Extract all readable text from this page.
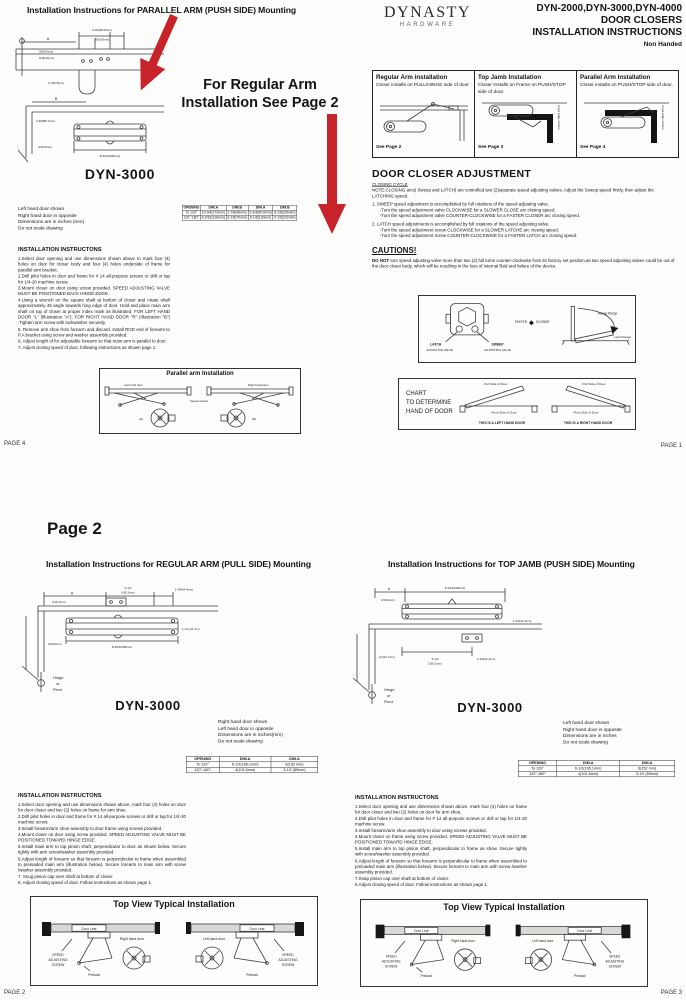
Installation Instructions for PARALLEL ARM (PUSH SIDE) Mounting
A
2-3/4(69.8mm)
2(50.8mm)
3/8(9.5mm)
9/16(14mm)
3-1/8(79mm)
B
3-3/8(85.7mm)
3/4(19mm)
8-3/16(208mm)
For Regular Arm
Installation See Page 2
DYN-3000
Left hand door shown
Right hand door in opposite
Dimensions are in inches (mm)
Do not scale drawing
OPENING	DIM.A	DIM.B	DIM.A	DIM.B
To 120°	10-3/4(273mm)	1-7/8(48mm)	2-3/4(69.8mm)	8-1/8(206mm)
120°-180°	8-9/16(218mm)	3-1/8(79mm)	5-1/8(130mm)	9-1/8(232mm)
INSTALLATION INSTRUCTONS
1.Select door opening and use dimensions shown above to mark four (4) holes on door for closer body and four (4) holes underside of frame for parallel arm bracket.
2.Drill pilot holes in door and frame for # 14 all-purpose screws or drill or tap for 1/4-20 machine screw.
3.Mount closer on door using screw provided. SPEED ADJUSTING VALVE MUST BE POSITIONED BACK HINGE EDGE.
4.Using a wrench on the square shaft at bottom of closer and rotate shaft approximately 45 angle towards hing edge of door. Hold and place main arm shaft on top of closer at proper index mark as illustrated. FOR LEFT HAND DOOR "L" (Illustration "A"). FOR RIGHT HAND DOOR "R" (Illustration "B") .Tighten arm screw with lockwasher securely.
5. Remove arm shoe from forearm and discard. Install ROD end of forearm to P.A bracket using screw and washer assembly provided.
6. Adjust length of for adjustable forearm so that main arm is parallel to door.
7. Adjust closing speed of door, following instructions as shown page 1.
Parallel arm Installation
Left hand door	Right hand door
Speed screws
(A)	(B)
PAGE 4
DYNASTY
HARDWARE
DYN-2000,DYN-3000,DYN-4000
DOOR CLOSERS
INSTALLATION INSTRUCTIONS
Non Handed
Regular Arm installation
Closer installs on PULL/HINGE side of door
See Page 2
Top Jamb Installation
Closer Installs on Frame on PUSH/STOP side of door.
Hinge Edge of Door
See Page 3
Parallel Arm Installation
Closer installs on PUSH/STOP side of door.
Hinge Edge of Door
See Page 4
DOOR CLOSER ADJUSTMENT
CLOSING CYCLE
NOTE:CLOSING arcs( Sweep and LATCH) are controlled two (2)separate speed adjusting valves. Adjust the Sweep speed firstly, then adjust the LATCHING speed.
1. SWEEP speed adjustment is accomplished by full rotations of the speed adjusting valve.
-Turn the speed adjustment valve CLOCKWISE for a SLOWER CLOSE arc closing speed.
-Turn the speed adjustment valve COUNTER-CLOCKWISE for a FASTER CLOSER arc closing speed.
2. LATCH speed adjustments is accomplished by full rotations of the speed adjusting valve.
-Turn the speed adjustment screw CLOCKWISE for a SLOWER LATCHE arc closing speed.
-Turn the speed adjustment screw COUNTER-CLOCKWISE for a FASTER LATCH arc closing speed.
CAUTIONS!
DO NOT turn speed adjusting valve more than two (2) full turns counter-clockwise from its factory set position,as two speed adjusting valves could be out of the door closer body, which will be resulting in the loss of internal fluid and failure of the device.
LATCH
ADJUSTING VALVE
SWEEP
ADJUSTING VALVE
FASTER	SLOWER
Sweep Range
Latch Range
CHART
TO DETERMINE
HAND OF DOOR
Pull Side of Door
Push Side of Door
THIS IS A LEFT HAND DOOR
Pull Side of Door
Push Side of Door
THIS IS A RIGHT HAND DOOR
PAGE 1
Page 2
Installation Instructions for REGULAR ARM (PULL SIDE) Mounting
A
6-1/2
(165.1mm)
1-3/4(44.4mm)
1(25.4mm)
3/4(19mm)
8-3/16(208mm)
1-1/4 (32 mm)
Hinge
or
Pivot
DYN-3000
Right hand door shown
Left hand door in opposite
Dimensions are in inches(mm)
Do not scale drawing
OPENING	DIM.A	DIM.A
To 120°	6-1/2(165.1mm)	6(152 mm)
120°-180°	4(101.6mm)	3-1/2 (89mm)
INSTALLATION INSTRUCTONS
1.Select door opening and use dimensions shown above, mark four (4) holes on door for door closer and two (2) holes on frame for arm shoe.
2.Drill pilot holes in door and frame for # 14 all-purpose screws or drill or tap for 1/4-20 machine screw.
3.Install forearm/arm shoe assembly to door frame using screws provided.
4.Mount closer on door using screw provided. SPEED ADJUSTING VALVE MUST BE POSITIONED TOWARD HINGE EDGE.
5.Install main arm to top pinion shaft, perpendicular to door as shown below. Secure tightly with arm screw/washer assembly provided.
6.Adjust length of forearm so that forearm is perpendicular to frame when assembled to preloaded main arm (illustration below). Secure forearm to main arm with screw /washer assembly provided.
7. Snug pinion cap over shaft at bottom of closer.
8. Adjust closing speed of door. Follow instructions as shown page 1.
Top View Typical Installation
Door Leaf	Door Leaf
Right hand door
Preload
Left hand door
Preload
SPEED
ADJUSTING
SCREW
SPEED
ADJUSTING
SCREW
PAGE 2
Installation Instructions for TOP JAMB (PUSH SIDE) Mounting
A	8-3/16(208mm)
3/4(19mm)
1-3/4(44.4mm)
1/2(12.7mm)	6-1/2
(165.1mm)
1-3/4(44.4mm)
Hinge
or
Pivot	DYN-3000
Left hand door shown
Right hand door in opposite
Dimensions are in inches
Do not scale drawing
OPENING	DIM.A	DIM.A
To 120°	6-1/2(165.1mm)	6(152 mm)
120°-180°	4(101.6mm)	3-1/2 (89mm)
INSTALLATION INSTRUCTONS
1.Select door opening and use dimensions shown above, mark four (4) holes on frame for door closer and two (2) holes on door for arm shoe.
2.Drill pilot holes in door and frame for # 14 all-purpose screws or drill or tap for 1/4-20 machine screw.
3.Install forearm/arm shoe assembly to door using screws provided.
4.Mount closer on frame using screw provided. SPEED ADJUSTING VALVE MUST BE POSITIONED TOWARD HINGE EDGE.
5.Install main arm to top pinion shaft, perpendicular to frame as show. Secure tightly with screw/washer assembly provided.
6.Adjust length of forearm so that forearm is perpendicular to frame when assembled to preloaded main arm (illustration below). Secure forearm to main arm with screw /washer assembly provided.
7.Snap pinion cap over shaft at bottom of closer.
8.Adjust closing speed of door. Follow instructions as shown page 1.
Top View Typical Installation
Door Leaf	Door Leaf
Right hand door
Preload
Left hand door
Preload
SPEED
ADJUSTING
SCREW
SPEED
ADJUSTING
SCREW
PAGE 3
